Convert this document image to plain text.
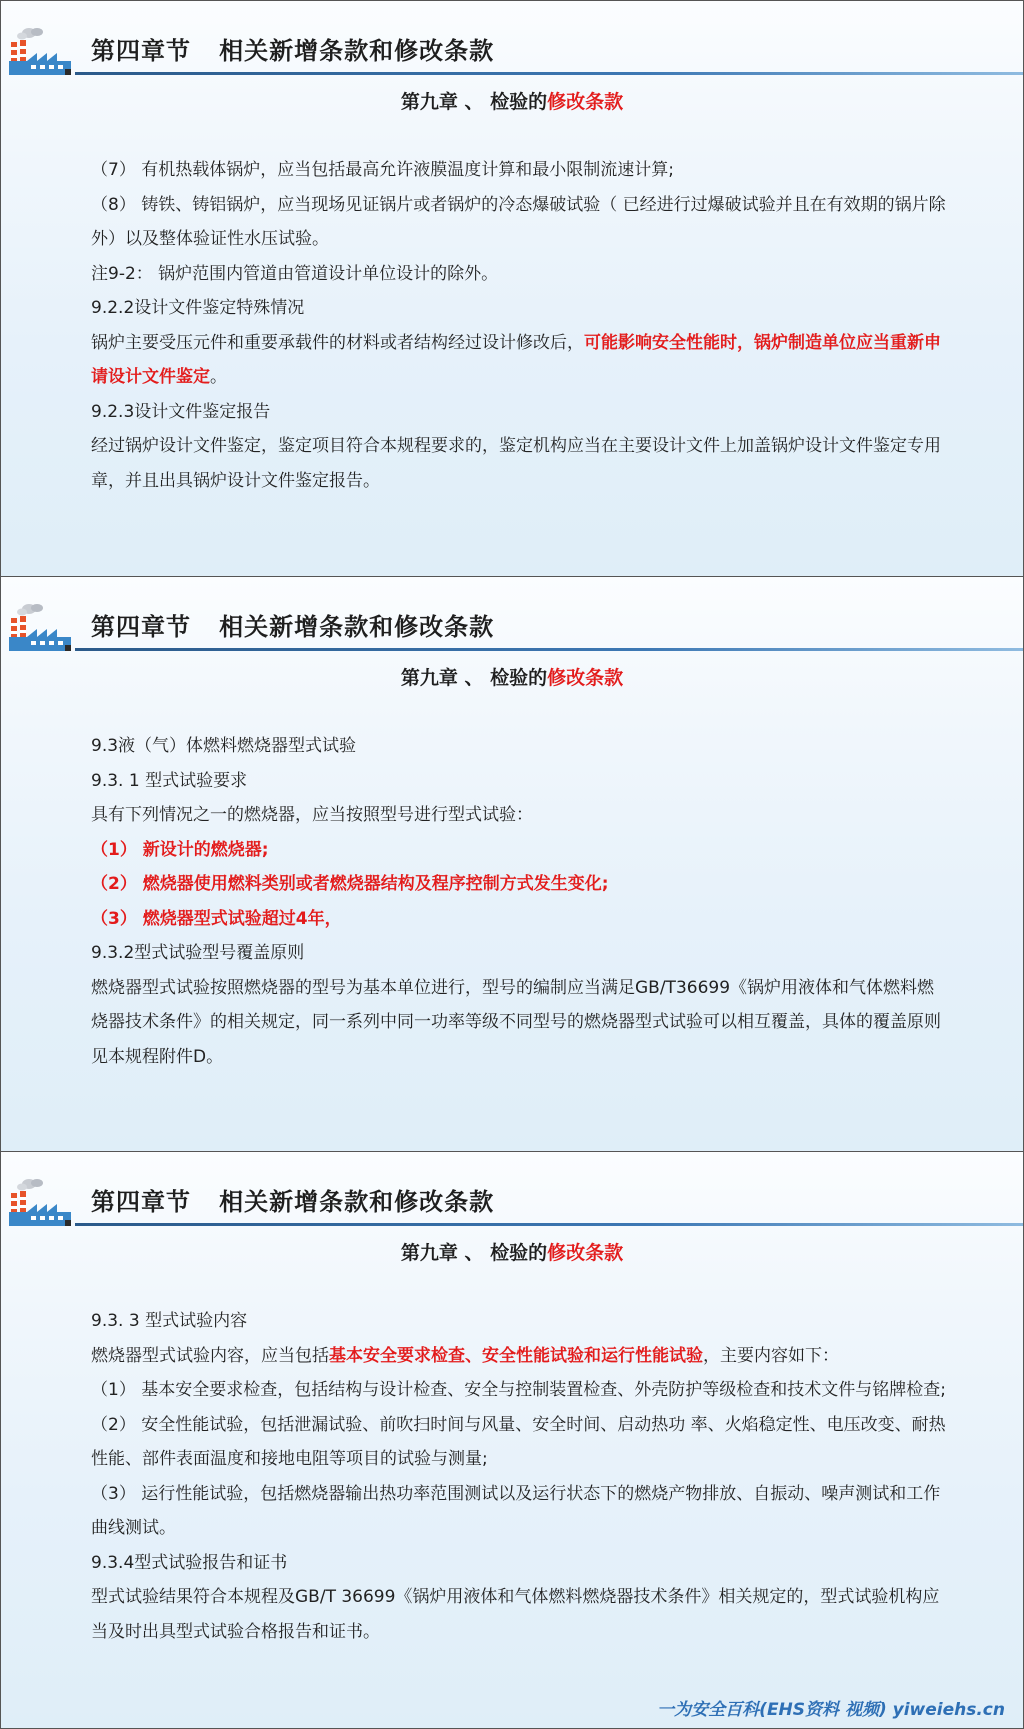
第四章节   相关新增条款和修改条款
第九章 、 检验的修改条款

（7） 有机热载体锅炉，应当包括最高允许液膜温度计算和最小限制流速计算;

（8） 铸铁、铸铝锅炉，应当现场见证锅片或者锅炉的冷态爆破试验（ 已经进行过爆破试验并且在有效期的锅片除外）以及整体验证性水压试验。

注9-2： 锅炉范围内管道由管道设计单位设计的除外。

9.2.2设计文件鉴定特殊情况

锅炉主要受压元件和重要承载件的材料或者结构经过设计修改后，可能影响安全性能时，锅炉制造单位应当重新申请设计文件鉴定。

9.2.3设计文件鉴定报告

经过锅炉设计文件鉴定，鉴定项目符合本规程要求的，鉴定机构应当在主要设计文件上加盖锅炉设计文件鉴定专用章，并且出具锅炉设计文件鉴定报告。

第四章节   相关新增条款和修改条款
第九章 、 检验的修改条款

9.3液（气）体燃料燃烧器型式试验

9.3. 1 型式试验要求

具有下列情况之一的燃烧器，应当按照型号进行型式试验：

（1） 新设计的燃烧器;

（2） 燃烧器使用燃料类别或者燃烧器结构及程序控制方式发生变化;

（3） 燃烧器型式试验超过4年，

9.3.2型式试验型号覆盖原则

燃烧器型式试验按照燃烧器的型号为基本单位进行，型号的编制应当满足GB/T36699《锅炉用液体和气体燃料燃烧器技术条件》的相关规定，同一系列中同一功率等级不同型号的燃烧器型式试验可以相互覆盖，具体的覆盖原则见本规程附件D。

第四章节   相关新增条款和修改条款
第九章 、 检验的修改条款

9.3. 3 型式试验内容

燃烧器型式试验内容，应当包括基本安全要求检查、安全性能试验和运行性能试验，主要内容如下：

（1） 基本安全要求检查，包括结构与设计检查、安全与控制装置检查、外壳防护等级检查和技术文件与铭牌检查;

（2） 安全性能试验，包括泄漏试验、前吹扫时间与风量、安全时间、启动热功 率、火焰稳定性、电压改变、耐热性能、部件表面温度和接地电阻等项目的试验与测量;

（3） 运行性能试验，包括燃烧器输出热功率范围测试以及运行状态下的燃烧产物排放、自振动、噪声测试和工作曲线测试。

9.3.4型式试验报告和证书

型式试验结果符合本规程及GB/T 36699《锅炉用液体和气体燃料燃烧器技术条件》相关规定的，型式试验机构应当及时出具型式试验合格报告和证书。

一为安全百科(EHS资料 视频) yiweiehs.cn
